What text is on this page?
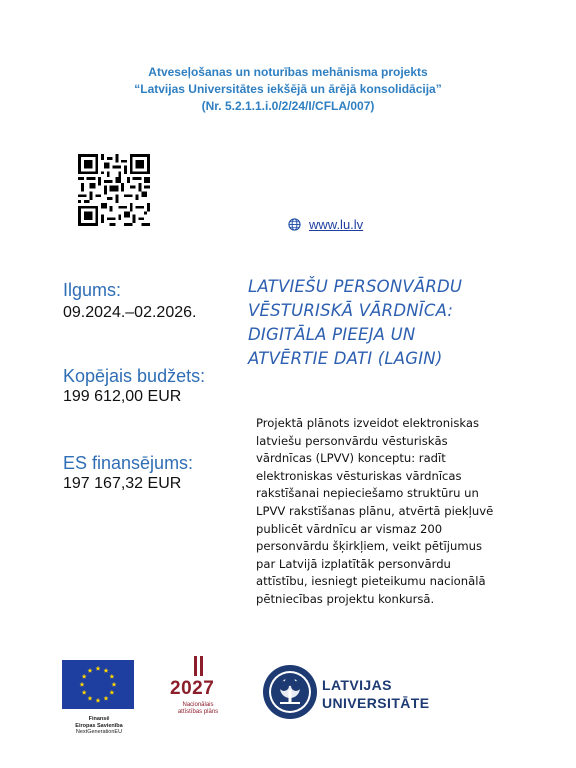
Atveseļošanas un noturības mehānisma projekts
“Latvijas Universitātes iekšējā un ārējā konsolidācija”
(Nr. 5.2.1.1.i.0/2/24/I/CFLA/007)
www.lu.lv
Ilgums:
09.2024.–02.2026.
Kopējais budžets:
199 612,00 EUR
ES finansējums:
197 167,32 EUR
LATVIEŠU PERSONVĀRDU
VĒSTURISKĀ VĀRDNĪCA:
DIGITĀLA PIEEJA UN
ATVĒRTIE DATI (LAGIN)
Projektā plānots izveidot elektroniskas
latviešu personvārdu vēsturiskās
vārdnīcas (LPVV) konceptu: radīt
elektroniskas vēsturiskas vārdnīcas
rakstīšanai nepieciešamo struktūru un
LPVV rakstīšanas plānu, atvērtā piekļuvē
publicēt vārdnīcu ar vismaz 200
personvārdu šķirkļiem, veikt pētījumus
par Latvijā izplatītāk personvārdu
attīstību, iesniegt pieteikumu nacionālā
pētniecības projektu konkursā.
Finansē
Eiropas Savienība
NextGenerationEU
2027
Nacionālais
attīstības plāns
LATVIJAS
UNIVERSITĀTE
